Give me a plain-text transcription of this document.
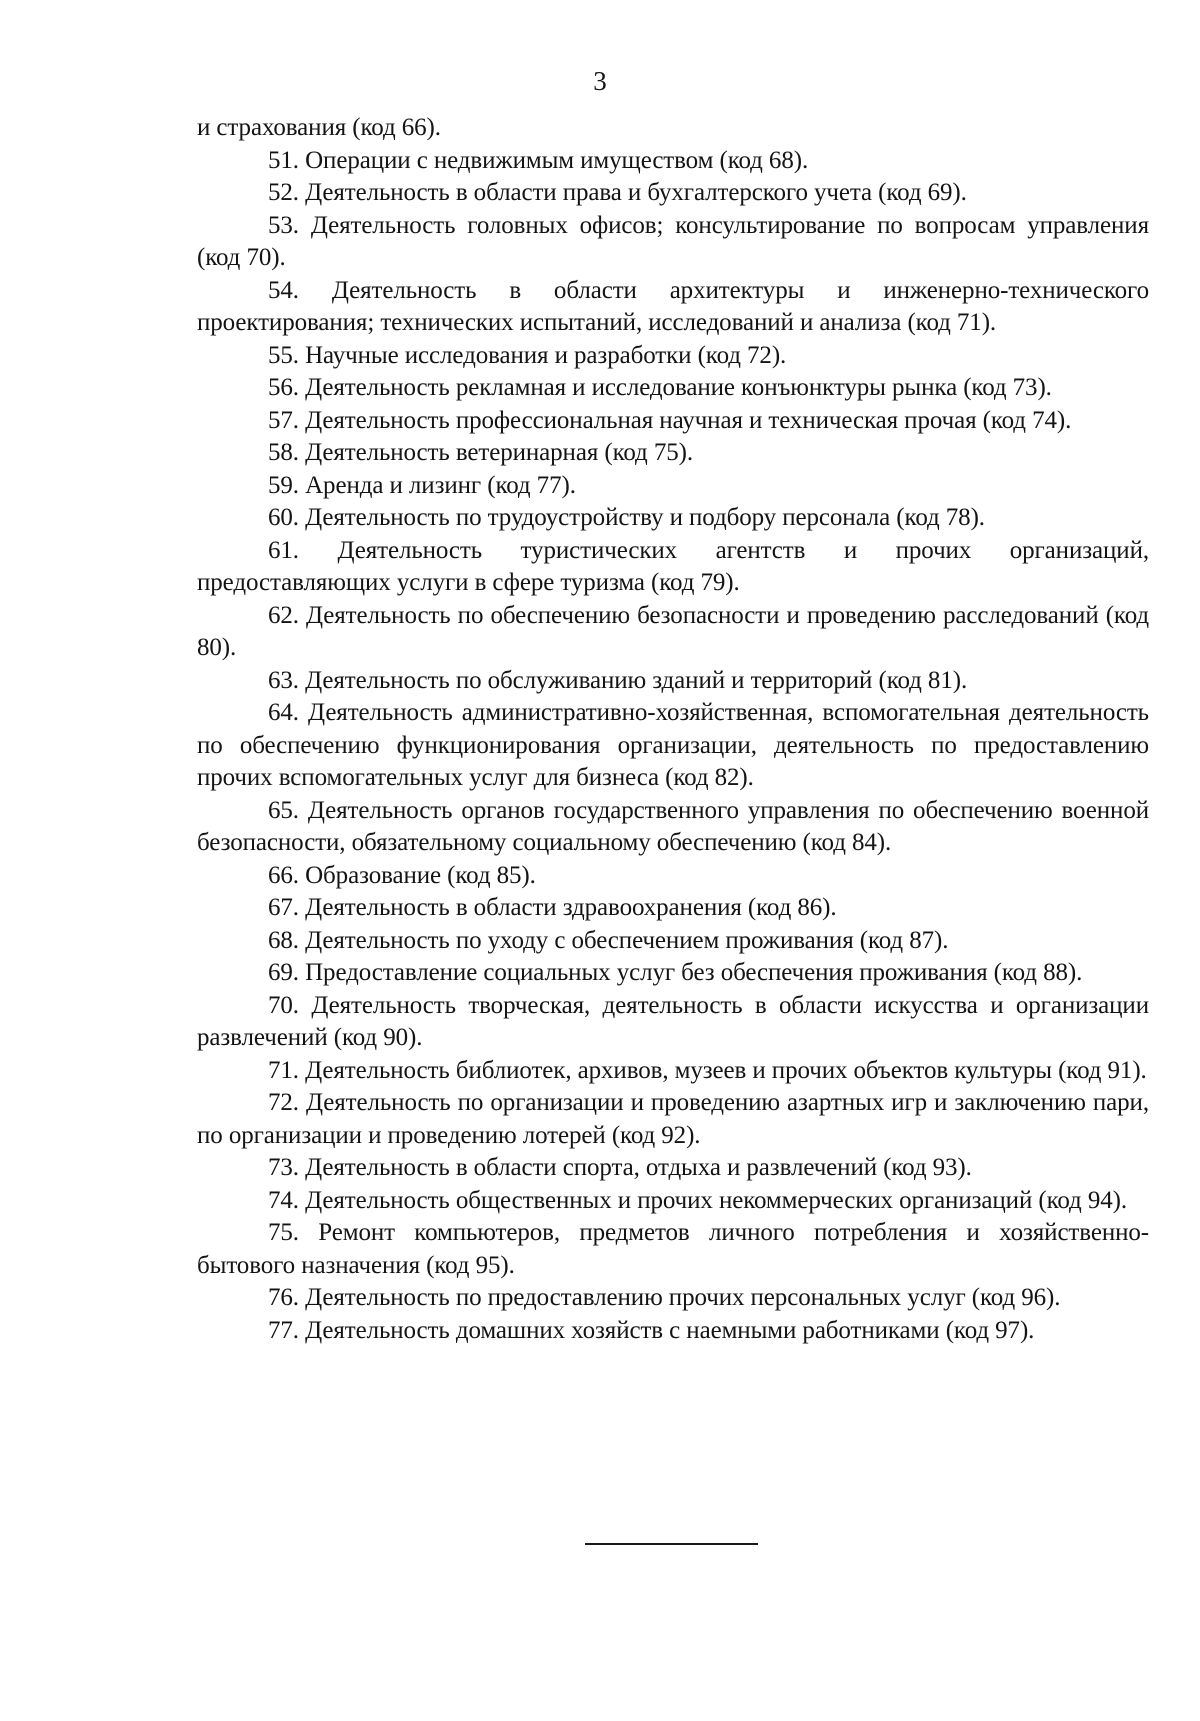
3

и страхования (код 66).

51. Операции с недвижимым имуществом (код 68).

52. Деятельность в области права и бухгалтерского учета (код 69).

53. Деятельность головных офисов; консультирование по вопросам управления (код 70).

54. Деятельность в области архитектуры и инженерно-технического проектирования; технических испытаний, исследований и анализа (код 71).

55. Научные исследования и разработки (код 72).

56. Деятельность рекламная и исследование конъюнктуры рынка (код 73).

57. Деятельность профессиональная научная и техническая прочая (код 74).

58. Деятельность ветеринарная (код 75).

59. Аренда и лизинг (код 77).

60. Деятельность по трудоустройству и подбору персонала (код 78).

61. Деятельность туристических агентств и прочих организаций, предоставляющих услуги в сфере туризма (код 79).

62. Деятельность по обеспечению безопасности и проведению расследований (код 80).

63. Деятельность по обслуживанию зданий и территорий (код 81).

64. Деятельность административно-хозяйственная, вспомогательная деятельность по обеспечению функционирования организации, деятельность по предоставлению прочих вспомогательных услуг для бизнеса (код 82).

65. Деятельность органов государственного управления по обеспечению военной безопасности, обязательному социальному обеспечению (код 84).

66. Образование (код 85).

67. Деятельность в области здравоохранения (код 86).

68. Деятельность по уходу с обеспечением проживания (код 87).

69. Предоставление социальных услуг без обеспечения проживания (код 88).

70. Деятельность творческая, деятельность в области искусства и организации развлечений (код 90).

71. Деятельность библиотек, архивов, музеев и прочих объектов культуры (код 91).

72. Деятельность по организации и проведению азартных игр и заключению пари, по организации и проведению лотерей (код 92).

73. Деятельность в области спорта, отдыха и развлечений (код 93).

74. Деятельность общественных и прочих некоммерческих организаций (код 94).

75. Ремонт компьютеров, предметов личного потребления и хозяйственно-бытового назначения (код 95).

76. Деятельность по предоставлению прочих персональных услуг (код 96).

77. Деятельность домашних хозяйств с наемными работниками (код 97).
